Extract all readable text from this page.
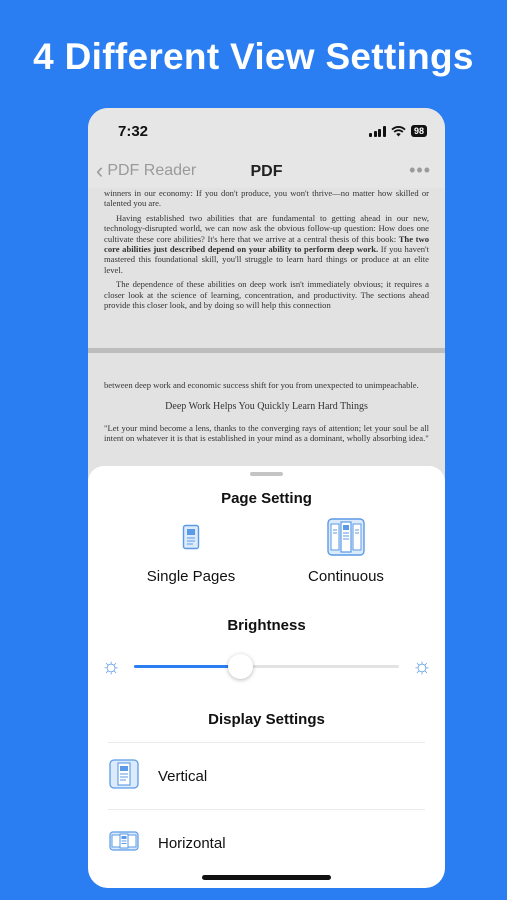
4 Different View Settings
7:32	98
‹ PDF Reader	PDF	•••

winners in our economy: If you don't produce, you won't thrive—no matter how skilled or talented you are.

Having established two abilities that are fundamental to getting ahead in our new, technology-disrupted world, we can now ask the obvious follow-up question: How does one cultivate these core abilities? It's here that we arrive at a central thesis of this book: The two core abilities just described depend on your ability to perform deep work. If you haven't mastered this foundational skill, you'll struggle to learn hard things or produce at an elite level.

The dependence of these abilities on deep work isn't immediately obvious; it requires a closer look at the science of learning, concentration, and productivity. The sections ahead provide this closer look, and by doing so will help this connection

between deep work and economic success shift for you from unexpected to unimpeachable.

Deep Work Helps You Quickly Learn Hard Things

"Let your mind become a lens, thanks to the converging rays of attention; let your soul be all intent on whatever it is that is established in your mind as a dominant, wholly absorbing idea."

Page Setting
Single Pages	Continuous
Brightness
☼	☼
Display Settings
Vertical
Horizontal
